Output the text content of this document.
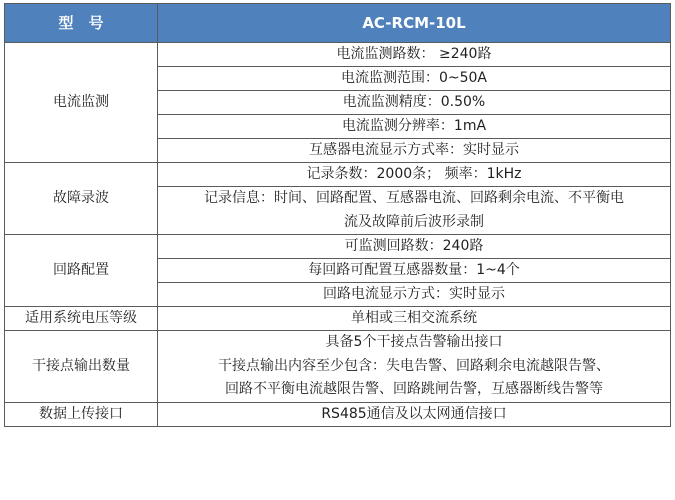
型　号	AC-RCM-10L
电流监测	电流监测路数： ≥240路
	电流监测范围：0~50A
	电流监测精度：0.50%
	电流监测分辨率：1mA
	互感器电流显示方式率：实时显示
故障录波	记录条数：2000条； 频率：1kHz

	记录信息：时间、回路配置、互感器电流、回路剩余电流、不平衡电
流及故障前后波形录制

回路配置	可监测回路数：240路
	每回路可配置互感器数量：1~4个
	回路电流显示方式：实时显示
适用系统电压等级	单相或三相交流系统
干接点输出数量	具备5个干接点告警输出接口
干接点输出内容至少包含：失电告警、回路剩余电流越限告警、
回路不平衡电流越限告警、回路跳闸告警，互感器断线告警等

数据上传接口	RS485通信及以太网通信接口
